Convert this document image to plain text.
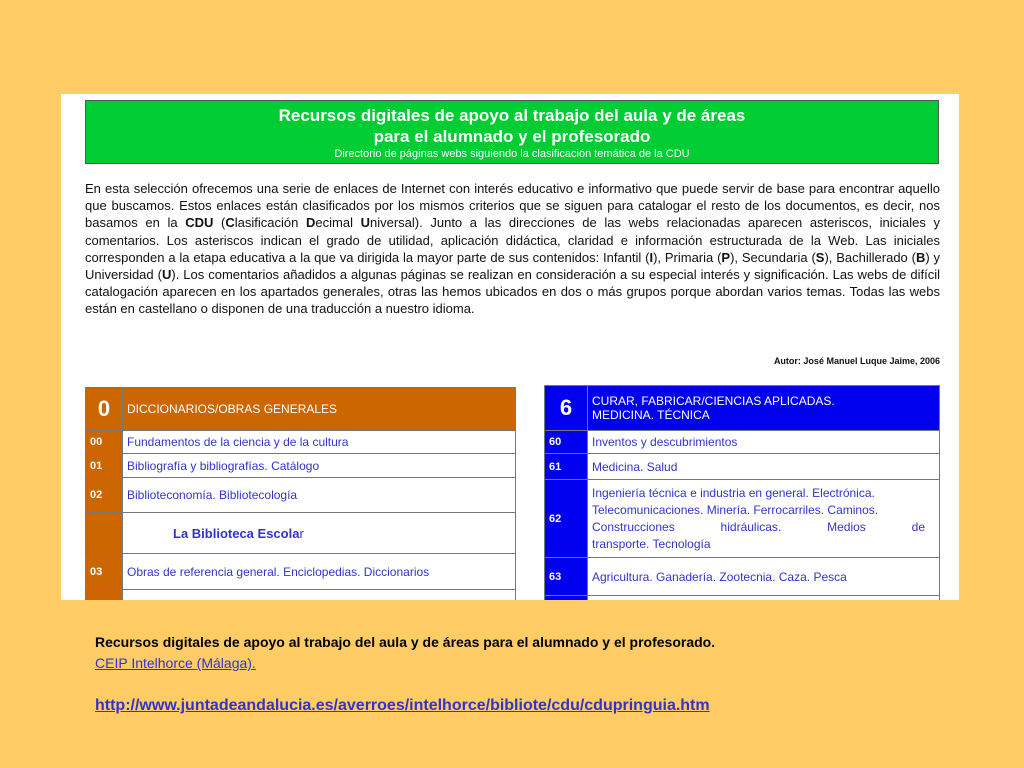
Recursos digitales de apoyo al trabajo del aula y de áreas
para el alumnado y el profesorado
Directorio de páginas webs siguiendo la clasificación temática de la CDU
En esta selección ofrecemos una serie de enlaces de Internet con interés educativo e informativo que puede servir de base para encontrar aquello que buscamos. Estos enlaces están clasificados por los mismos criterios que se siguen para catalogar el resto de los documentos, es decir, nos basamos en la CDU (Clasificación Decimal Universal). Junto a las direcciones de las webs relacionadas aparecen asteriscos, iniciales y comentarios. Los asteriscos indican el grado de utilidad, aplicación didáctica, claridad e información estructurada de la Web. Las iniciales corresponden a la etapa educativa a la que va dirigida la mayor parte de sus contenidos: Infantil (I), Primaria (P), Secundaria (S), Bachillerado (B) y Universidad (U). Los comentarios añadidos a algunas páginas se realizan en consideración a su especial interés y significación. Las webs de difícil catalogación aparecen en los apartados generales, otras las hemos ubicados en dos o más grupos porque abordan varios temas. Todas las webs están en castellano o disponen de una traducción a nuestro idioma.
Autor: José Manuel Luque Jaime, 2006
0	DICCIONARIOS/OBRAS GENERALES
00	Fundamentos de la ciencia y de la cultura
01	Bibliografía y bibliografías. Catálogo
02	Biblioteconomía. Bibliotecología
	La Biblioteca Escolar
03	Obras de referencia general. Enciclopedias. Diccionarios

6	CURAR, FABRICAR/CIENCIAS APLICADAS.
MEDICINA. TÉCNICA
60	Inventos y descubrimientos
61	Medicina. Salud
62	Ingeniería técnica e industria en general. Electrónica.
Telecomunicaciones. Minería. Ferrocarriles. Caminos.
Construcciones hidráulicas. Medios de
transporte. Tecnología

63	Agricultura. Ganadería. Zootecnia. Caza. Pesca

Recursos digitales de apoyo al trabajo del aula y de áreas para el alumnado y el profesorado.
CEIP Intelhorce (Málaga).
http://www.juntadeandalucia.es/averroes/intelhorce/bibliote/cdu/cdupringuia.htm
